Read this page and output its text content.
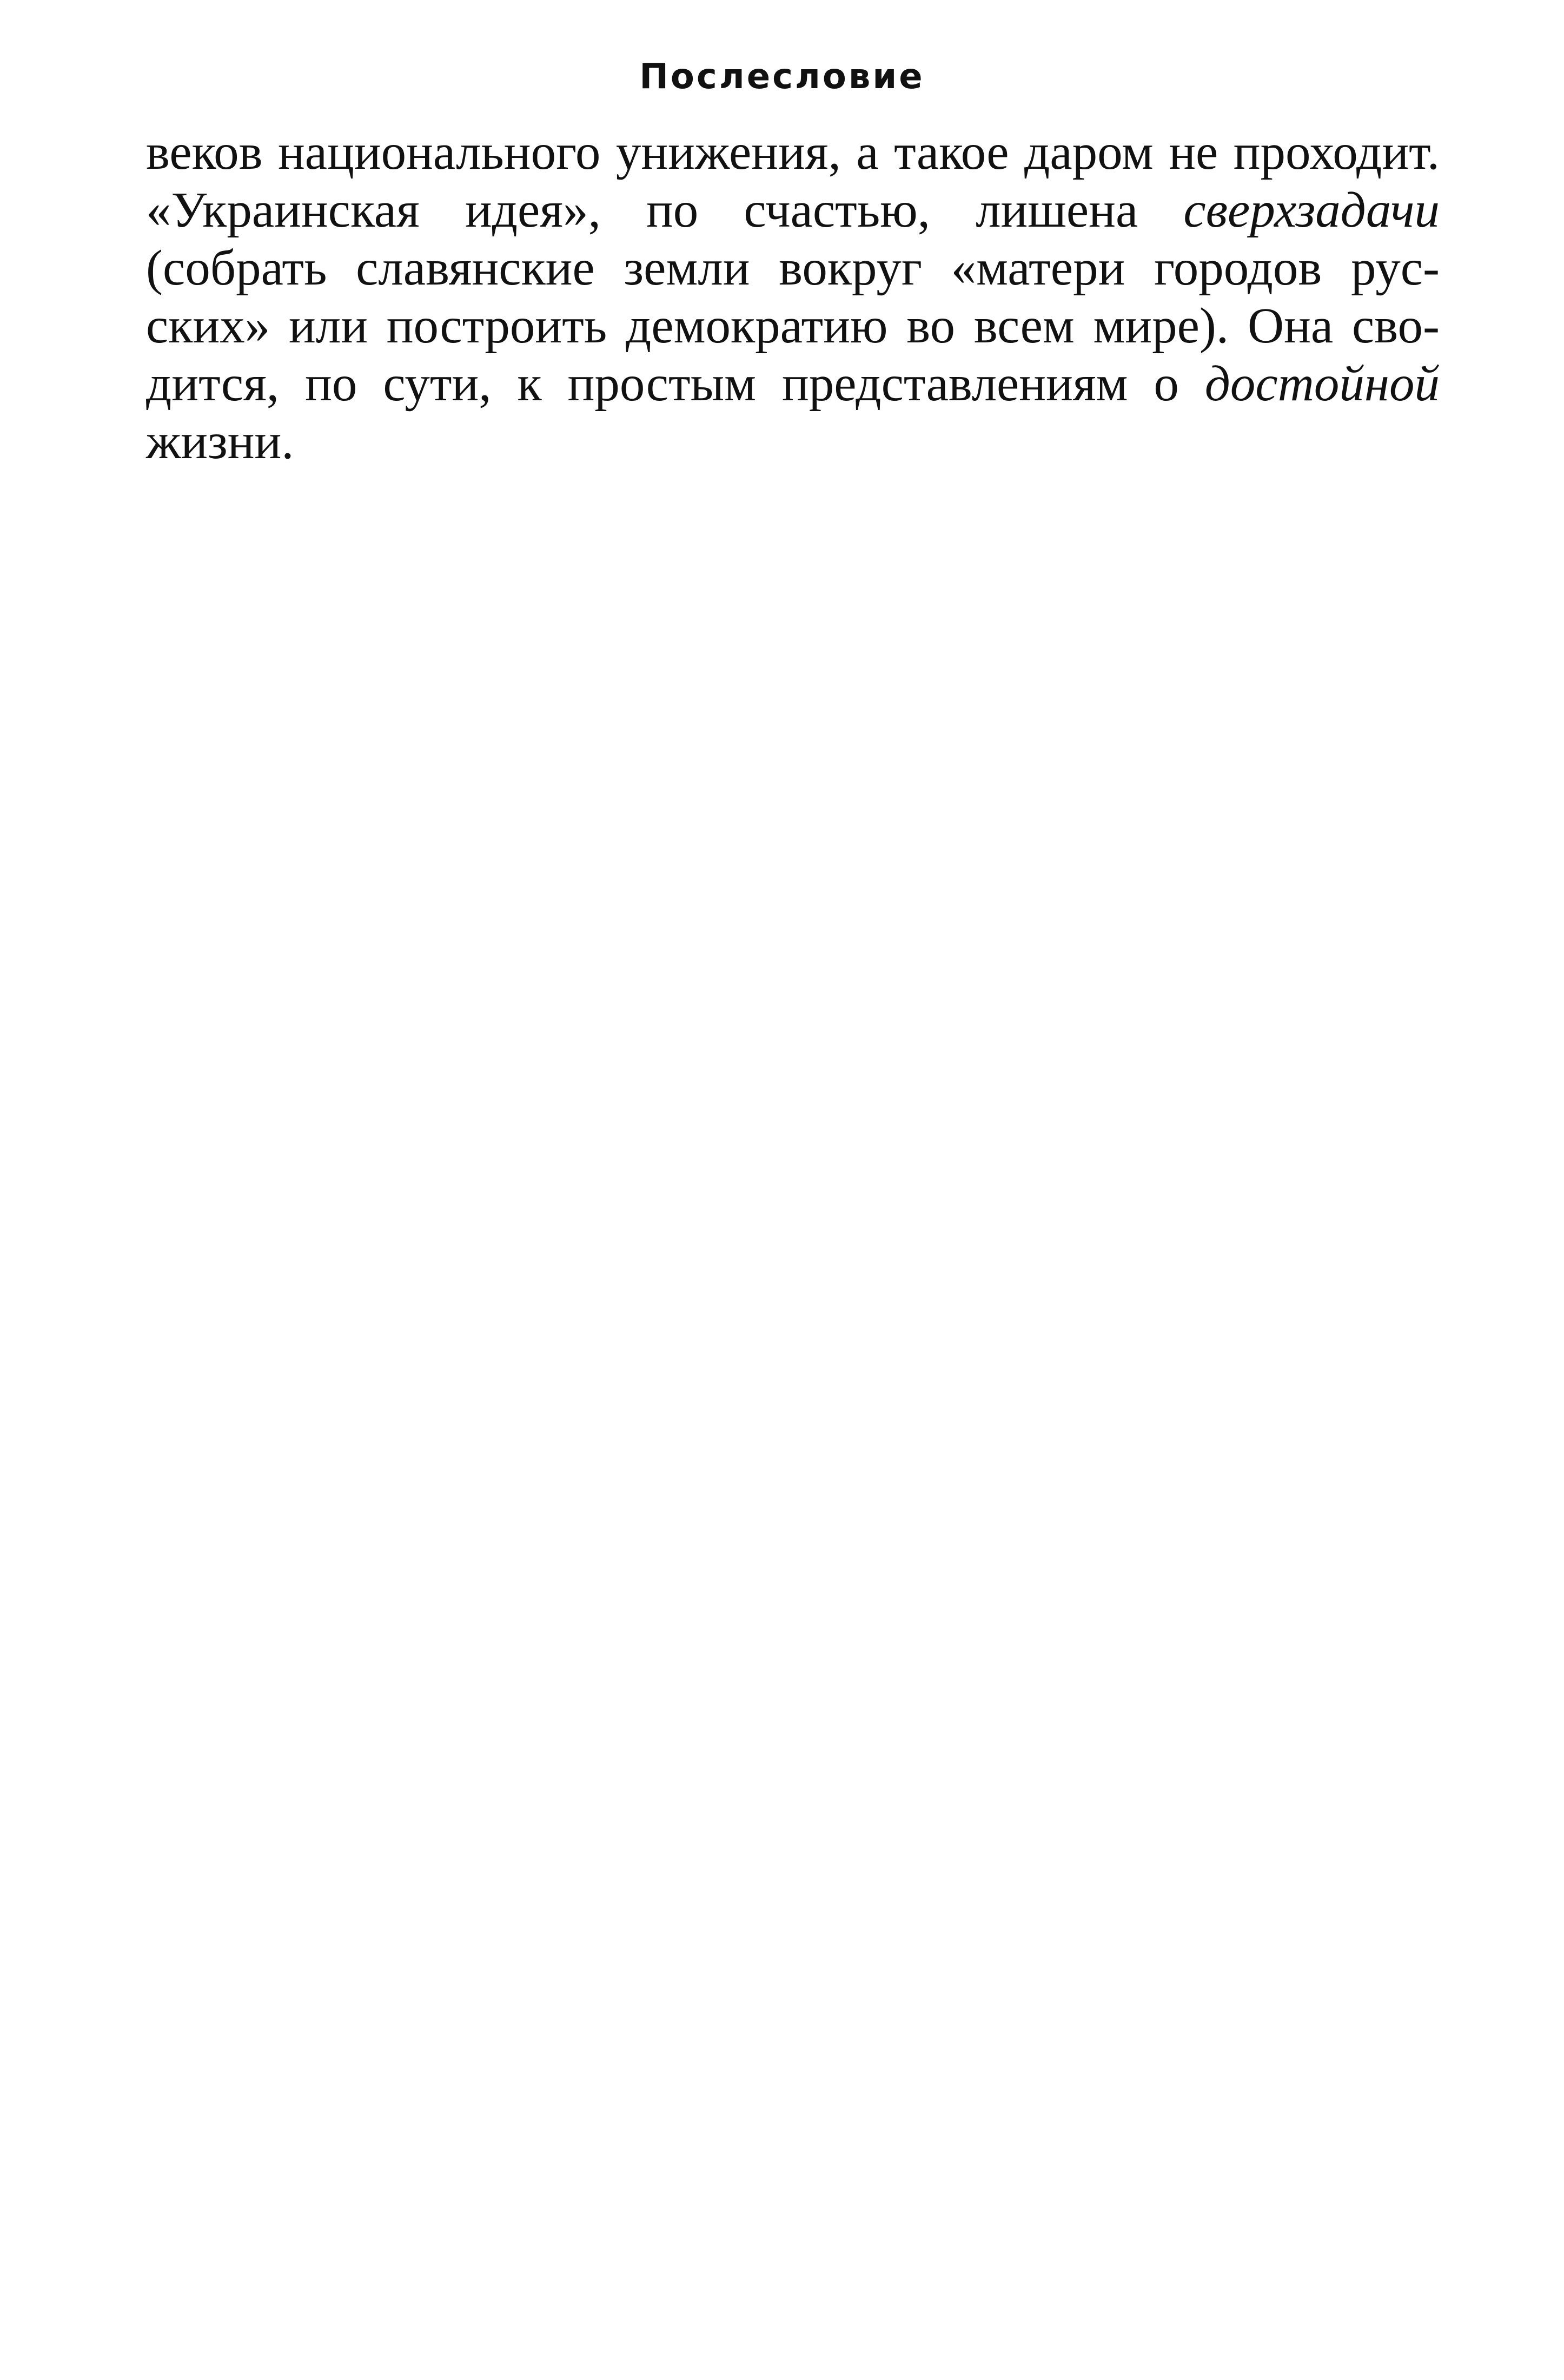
Послесловие

веков национального унижения, а такое даром не проходит. «Украинская идея», по счастью, лишена сверхзадачи (собрать славянские земли вокруг «матери городов русских» или построить демократию во всем мире). Она сводится, по сути, к простым представлениям о достойной жизни.
